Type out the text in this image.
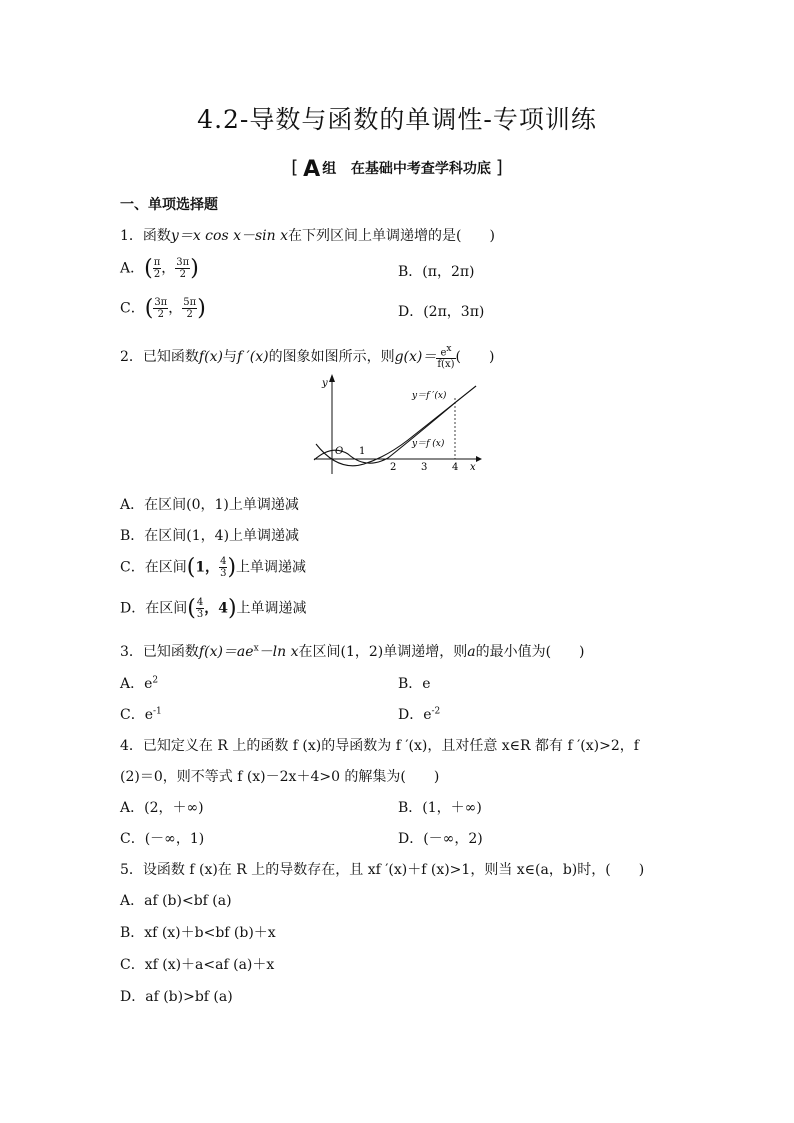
4.2-导数与函数的单调性-专项训练
[ A 组 在基础中考查学科功底 ]
一、单项选择题
1．函数y＝x cos x－sin x在下列区间上单调递增的是(　　)
A．( $\frac{\pi}{2}$ ， $\frac{3\pi}{2}$ )	B．(π，2π)
C．( $\frac{3\pi}{2}$ ， $\frac{5\pi}{2}$ )	D．(2π，3π)
2．已知函数f(x)与f ′(x)的图象如图所示，则$g(x)= \frac{e^x}{f(x)}$ (　　)
y
x
O 1
2 3 4
y＝f ′(x)
y＝f (x)
A．在区间(0，1)上单调递减
B．在区间(1，4)上单调递减
C．在区间(1， $\frac{4}{3}$ )上单调递减
D．在区间( $\frac{4}{3}$ ，4)上单调递减
3．已知函数$f(x)=ae^x-\ln$ x在区间(1，2)单调递增，则a的最小值为(　　)
A．$e^2$	B．e
C．$e^{-1}$	D．$e^{-2}$
4．已知定义在 R 上的函数 f (x)的导函数为 f ′(x)，且对任意 x∈R 都有 f ′(x)>2，f
(2)＝0，则不等式 f (x)－2x＋4>0 的解集为(　　)
A．(2，＋∞)	B．(1，＋∞)
C．(－∞，1)	D．(－∞，2)
5．设函数 f (x)在 R 上的导数存在，且 xf ′(x)＋f (x)>1，则当 x∈(a，b)时，(　　)
A．af (b)<bf (a)
B．xf (x)＋b<bf (b)＋x
C．xf (x)＋a<af (a)＋x
D．af (b)>bf (a)
